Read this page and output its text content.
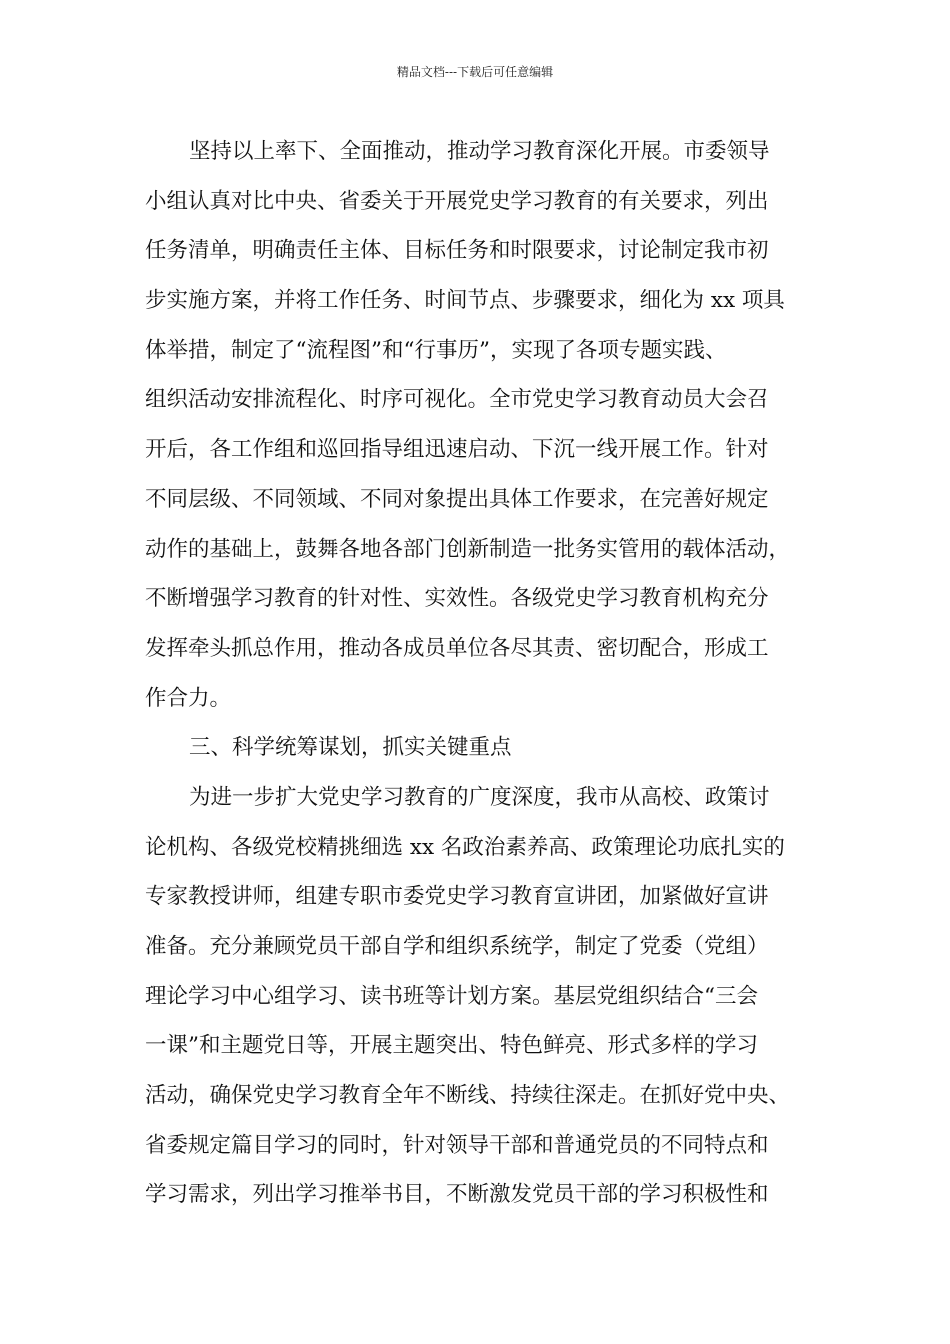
精品文档---下载后可任意编辑
坚持以上率下、全面推动，推动学习教育深化开展。市委领导
小组认真对比中央、省委关于开展党史学习教育的有关要求，列出
任务清单，明确责任主体、目标任务和时限要求，讨论制定我市初
步实施方案，并将工作任务、时间节点、步骤要求，细化为 xx 项具
体举措，制定了“流程图”和“行事历”，实现了各项专题实践、
组织活动安排流程化、时序可视化。全市党史学习教育动员大会召
开后，各工作组和巡回指导组迅速启动、下沉一线开展工作。针对
不同层级、不同领域、不同对象提出具体工作要求，在完善好规定
动作的基础上，鼓舞各地各部门创新制造一批务实管用的载体活动，
不断增强学习教育的针对性、实效性。各级党史学习教育机构充分
发挥牵头抓总作用，推动各成员单位各尽其责、密切配合，形成工
作合力。
三、科学统筹谋划，抓实关键重点
为进一步扩大党史学习教育的广度深度，我市从高校、政策讨
论机构、各级党校精挑细选 xx 名政治素养高、政策理论功底扎实的
专家教授讲师，组建专职市委党史学习教育宣讲团，加紧做好宣讲
准备。充分兼顾党员干部自学和组织系统学，制定了党委（党组）
理论学习中心组学习、读书班等计划方案。基层党组织结合“三会
一课”和主题党日等，开展主题突出、特色鲜亮、形式多样的学习
活动，确保党史学习教育全年不断线、持续往深走。在抓好党中央、
省委规定篇目学习的同时，针对领导干部和普通党员的不同特点和
学习需求，列出学习推举书目，不断激发党员干部的学习积极性和
